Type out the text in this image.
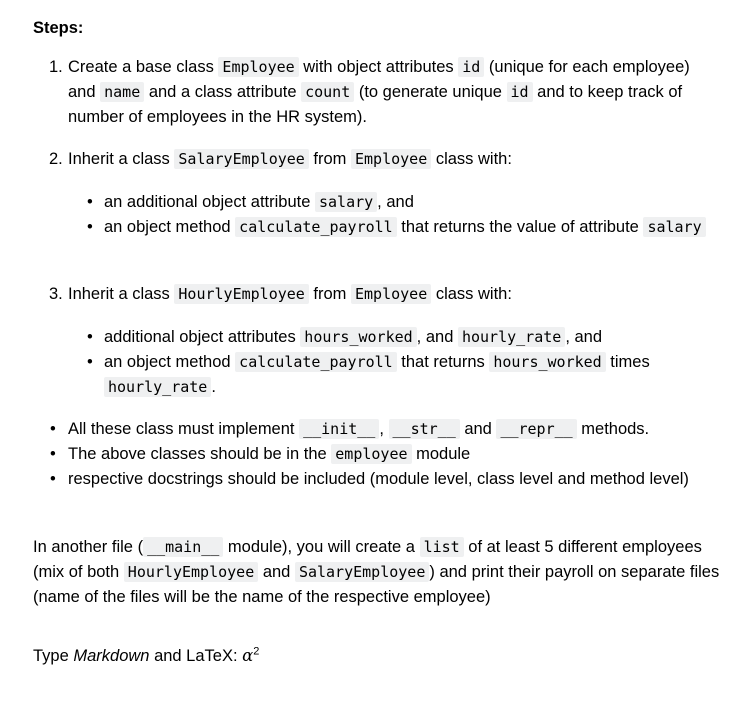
Steps:

1. Create a base class Employee with object attributes id (unique for each employee) and name and a class attribute count (to generate unique id and to keep track of number of employees in the HR system).
2. Inherit a class SalaryEmployee from Employee class with:
• an additional object attribute salary , and
• an object method calculate_payroll that returns the value of attribute salary
3. Inherit a class HourlyEmployee from Employee class with:
• additional object attributes hours_worked , and hourly_rate , and
• an object method calculate_payroll that returns hours_worked times hourly_rate .
• All these class must implement __init__ , __str__ and __repr__ methods.
• The above classes should be in the employee module
• respective docstrings should be included (module level, class level and method level)

In another file ( __main__ module), you will create a list of at least 5 different employees (mix of both HourlyEmployee and SalaryEmployee ) and print their payroll on separate files (name of the files will be the name of the respective employee)

Type Markdown and LaTeX: $\alpha^2$
